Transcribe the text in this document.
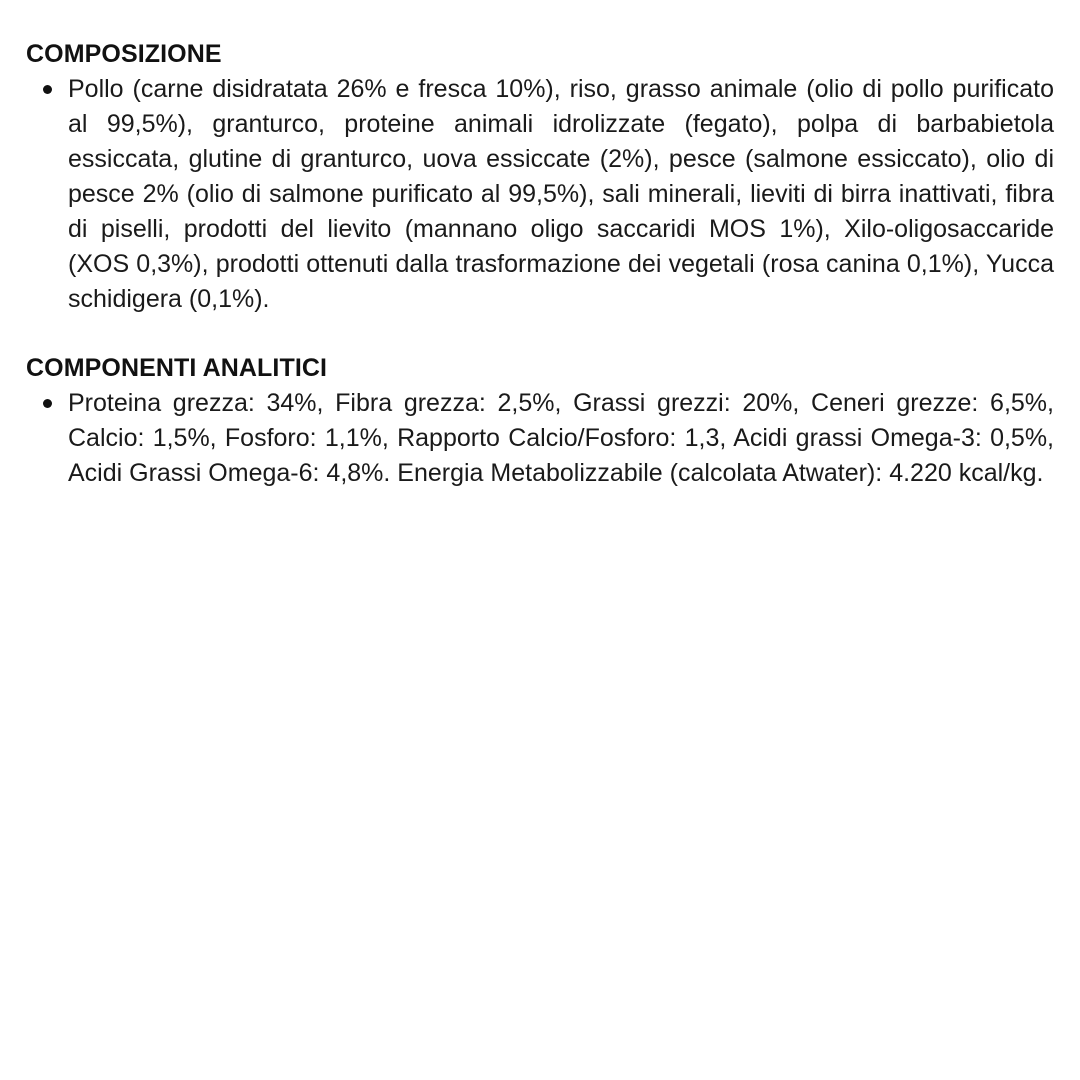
COMPOSIZIONE
Pollo (carne disidratata 26% e fresca 10%), riso, grasso animale (olio di pollo purificato al 99,5%), granturco, proteine animali idrolizzate (fegato), polpa di barbabietola essiccata, glutine di granturco, uova essiccate (2%), pesce (salmone essiccato), olio di pesce 2% (olio di salmone purificato al 99,5%), sali minerali, lieviti di birra inattivati, fibra di piselli, prodotti del lievito (mannano oligo saccaridi MOS 1%), Xilo-oligosaccaride (XOS 0,3%), prodotti ottenuti dalla trasformazione dei vegetali (rosa canina 0,1%), Yucca schidigera (0,1%).
COMPONENTI ANALITICI
Proteina grezza: 34%, Fibra grezza: 2,5%, Grassi grezzi: 20%, Ceneri grezze: 6,5%, Calcio: 1,5%, Fosforo: 1,1%, Rapporto Calcio/Fosforo: 1,3, Acidi grassi Omega-3: 0,5%, Acidi Grassi Omega-6: 4,8%. Energia Metabolizzabile (calcolata Atwater): 4.220 kcal/kg.
